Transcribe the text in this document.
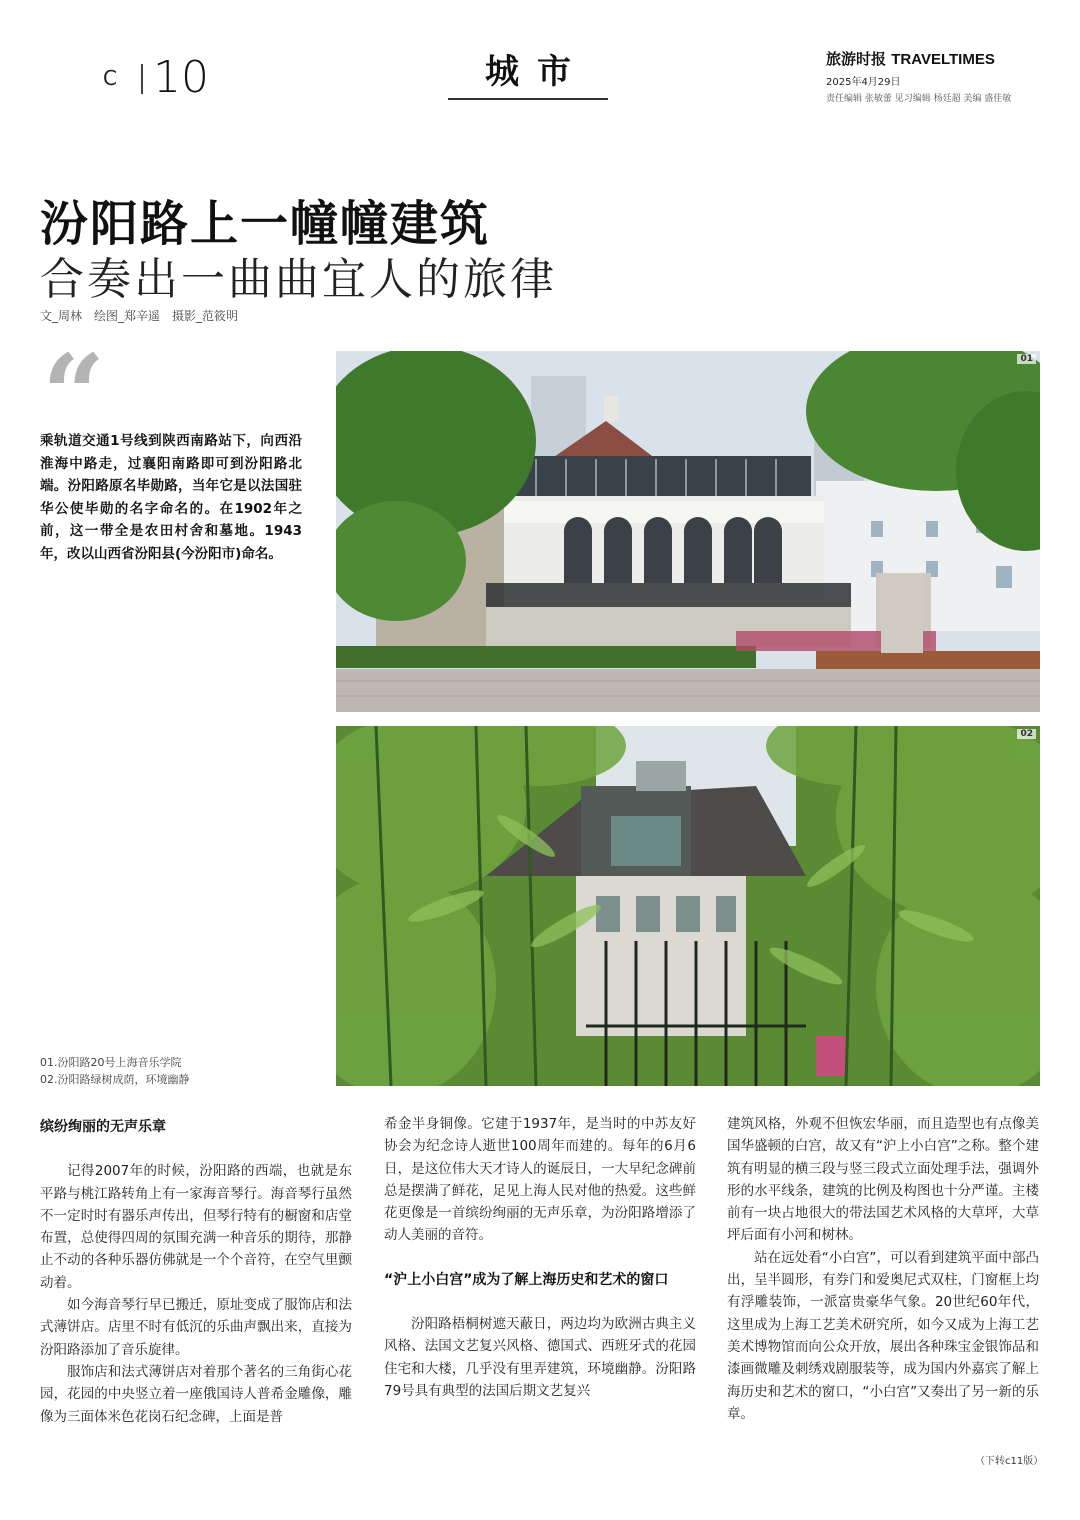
C 10	城市	旅游时报 TRAVELTIMES
2025年4月29日
责任编辑 张敏蕾 见习编辑 杨廷超 美编 盛佳敏
汾阳路上一幢幢建筑
合奏出一曲曲宜人的旅律
文_周林　绘图_郑辛遥　摄影_范筱明
“
乘轨道交通1号线到陕西南路站下，向西沿淮海中路走，过襄阳南路即可到汾阳路北端。汾阳路原名毕勋路，当年它是以法国驻华公使毕勋的名字命名的。在1902年之前，这一带全是农田村舍和墓地。1943年，改以山西省汾阳县(今汾阳市)命名。
01
02
01.汾阳路20号上海音乐学院
02.汾阳路绿树成荫，环境幽静
缤纷绚丽的无声乐章

记得2007年的时候，汾阳路的西端，也就是东平路与桃江路转角上有一家海音琴行。海音琴行虽然不一定时时有器乐声传出，但琴行特有的橱窗和店堂布置，总使得四周的氛围充满一种音乐的期待，那静止不动的各种乐器仿佛就是一个个音符，在空气里颤动着。

如今海音琴行早已搬迁，原址变成了服饰店和法式薄饼店。店里不时有低沉的乐曲声飘出来，直接为汾阳路添加了音乐旋律。

服饰店和法式薄饼店对着那个著名的三角街心花园，花园的中央竖立着一座俄国诗人普希金雕像，雕像为三面体米色花岗石纪念碑，上面是普

希金半身铜像。它建于1937年，是当时的中苏友好协会为纪念诗人逝世100周年而建的。每年的6月6日，是这位伟大天才诗人的诞辰日，一大早纪念碑前总是摆满了鲜花，足见上海人民对他的热爱。这些鲜花更像是一首缤纷绚丽的无声乐章，为汾阳路增添了动人美丽的音符。

“沪上小白宫”成为了解上海历史和艺术的窗口

汾阳路梧桐树遮天蔽日，两边均为欧洲古典主义风格、法国文艺复兴风格、德国式、西班牙式的花园住宅和大楼，几乎没有里弄建筑，环境幽静。汾阳路79号具有典型的法国后期文艺复兴

建筑风格，外观不但恢宏华丽，而且造型也有点像美国华盛顿的白宫，故又有“沪上小白宫”之称。整个建筑有明显的横三段与竖三段式立面处理手法，强调外形的水平线条，建筑的比例及构图也十分严谨。主楼前有一块占地很大的带法国艺术风格的大草坪，大草坪后面有小河和树林。

站在远处看“小白宫”，可以看到建筑平面中部凸出，呈半圆形，有券门和爱奥尼式双柱，门窗框上均有浮雕装饰，一派富贵豪华气象。20世纪60年代，这里成为上海工艺美术研究所，如今又成为上海工艺美术博物馆而向公众开放，展出各种珠宝金银饰品和漆画微雕及刺绣戏剧服装等，成为国内外嘉宾了解上海历史和艺术的窗口，“小白宫”又奏出了另一新的乐章。

（下转c11版）
